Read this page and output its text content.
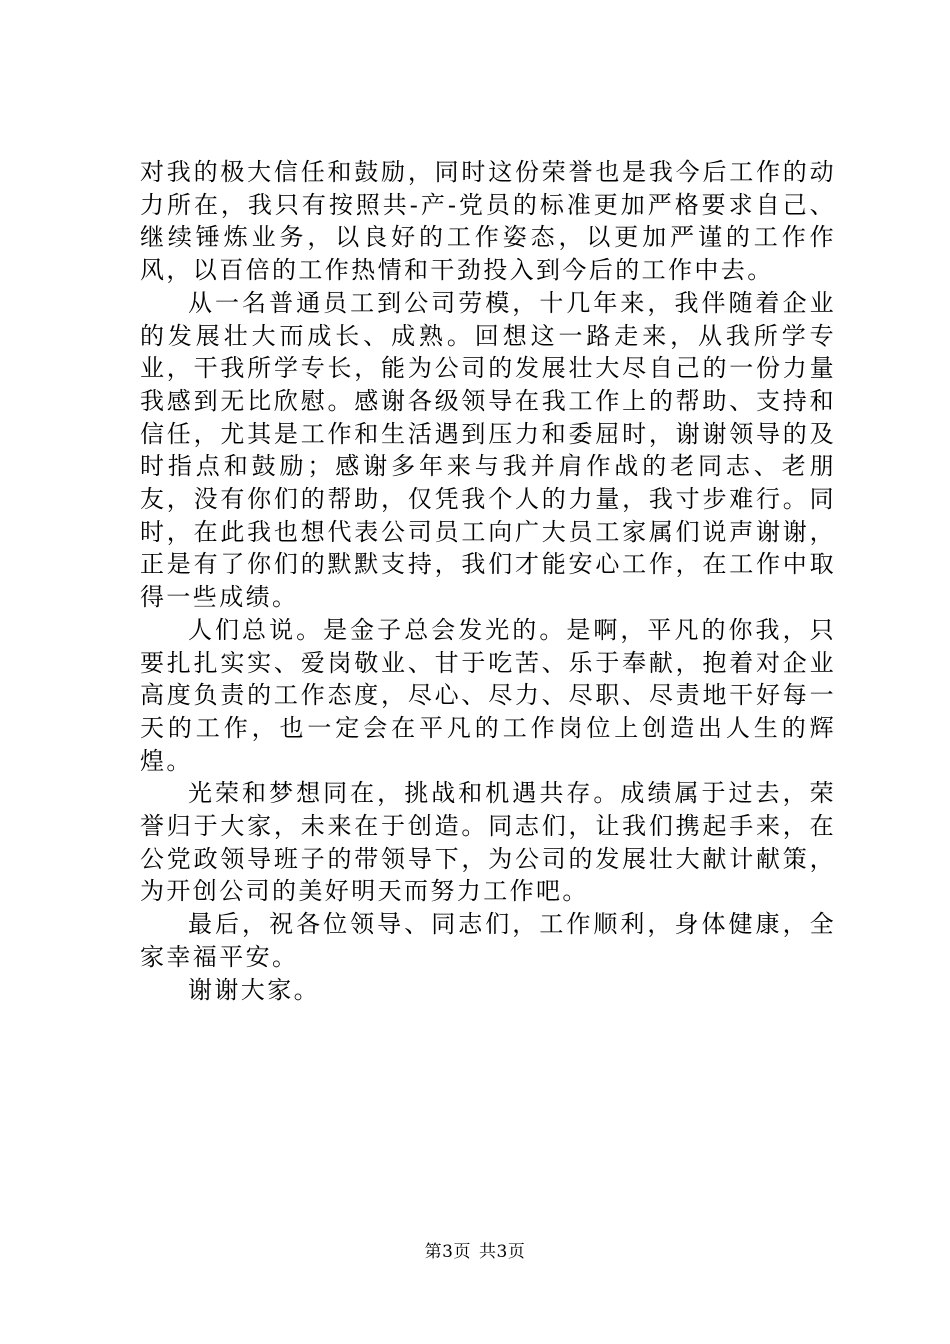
对我的极大信任和鼓励，同时这份荣誉也是我今后工作的动力所在，我只有按照共-产-党员的标准更加严格要求自己、继续锤炼业务，以良好的工作姿态，以更加严谨的工作作风，以百倍的工作热情和干劲投入到今后的工作中去。

从一名普通员工到公司劳模，十几年来，我伴随着企业的发展壮大而成长、成熟。回想这一路走来，从我所学专业，干我所学专长，能为公司的发展壮大尽自己的一份力量我感到无比欣慰。感谢各级领导在我工作上的帮助、支持和信任，尤其是工作和生活遇到压力和委屈时，谢谢领导的及时指点和鼓励；感谢多年来与我并肩作战的老同志、老朋友，没有你们的帮助，仅凭我个人的力量，我寸步难行。同时，在此我也想代表公司员工向广大员工家属们说声谢谢，正是有了你们的默默支持，我们才能安心工作，在工作中取得一些成绩。

人们总说。是金子总会发光的。是啊，平凡的你我，只要扎扎实实、爱岗敬业、甘于吃苦、乐于奉献，抱着对企业高度负责的工作态度，尽心、尽力、尽职、尽责地干好每一天的工作，也一定会在平凡的工作岗位上创造出人生的辉煌。

光荣和梦想同在，挑战和机遇共存。成绩属于过去，荣誉归于大家，未来在于创造。同志们，让我们携起手来，在公党政领导班子的带领导下，为公司的发展壮大献计献策，为开创公司的美好明天而努力工作吧。

最后，祝各位领导、同志们，工作顺利，身体健康，全家幸福平安。

谢谢大家。

第3页 共3页
